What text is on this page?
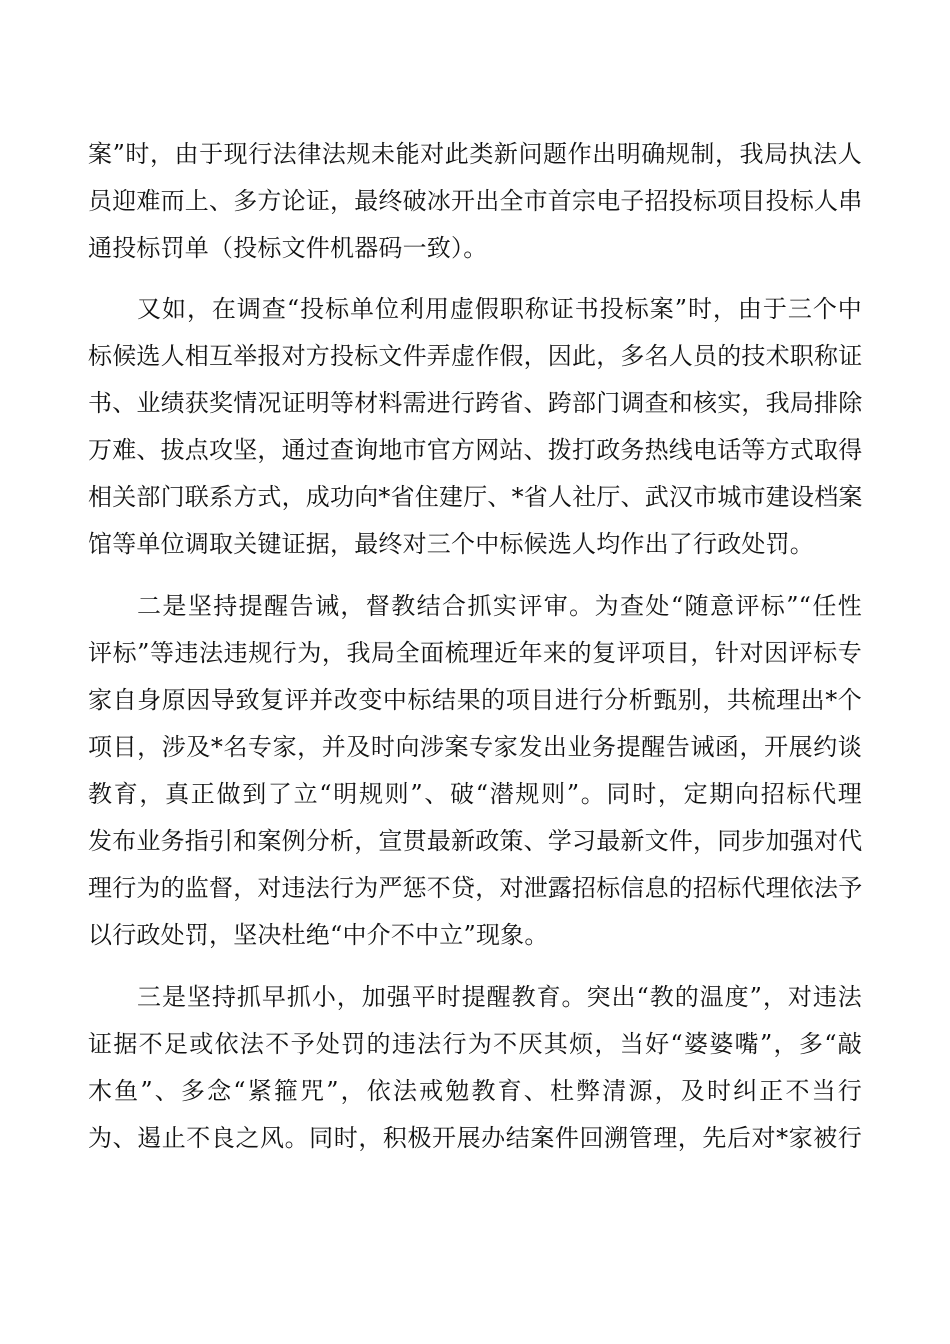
案”时，由于现行法律法规未能对此类新问题作出明确规制，我局执法人
员迎难而上、多方论证，最终破冰开出全市首宗电子招投标项目投标人串
通投标罚单（投标文件机器码一致）。
又如，在调查“投标单位利用虚假职称证书投标案”时，由于三个中
标候选人相互举报对方投标文件弄虚作假，因此，多名人员的技术职称证
书、业绩获奖情况证明等材料需进行跨省、跨部门调查和核实，我局排除
万难、拔点攻坚，通过查询地市官方网站、拨打政务热线电话等方式取得
相关部门联系方式，成功向*省住建厅、*省人社厅、武汉市城市建设档案
馆等单位调取关键证据，最终对三个中标候选人均作出了行政处罚。
二是坚持提醒告诫，督教结合抓实评审。为查处“随意评标”“任性
评标”等违法违规行为，我局全面梳理近年来的复评项目，针对因评标专
家自身原因导致复评并改变中标结果的项目进行分析甄别，共梳理出*个
项目，涉及*名专家，并及时向涉案专家发出业务提醒告诫函，开展约谈
教育，真正做到了立“明规则”、破“潜规则”。同时，定期向招标代理
发布业务指引和案例分析，宣贯最新政策、学习最新文件，同步加强对代
理行为的监督，对违法行为严惩不贷，对泄露招标信息的招标代理依法予
以行政处罚，坚决杜绝“中介不中立”现象。
三是坚持抓早抓小，加强平时提醒教育。突出“教的温度”，对违法
证据不足或依法不予处罚的违法行为不厌其烦，当好“婆婆嘴”，多“敲
木鱼”、多念“紧箍咒”，依法戒勉教育、杜弊清源，及时纠正不当行
为、遏止不良之风。同时，积极开展办结案件回溯管理，先后对*家被行
